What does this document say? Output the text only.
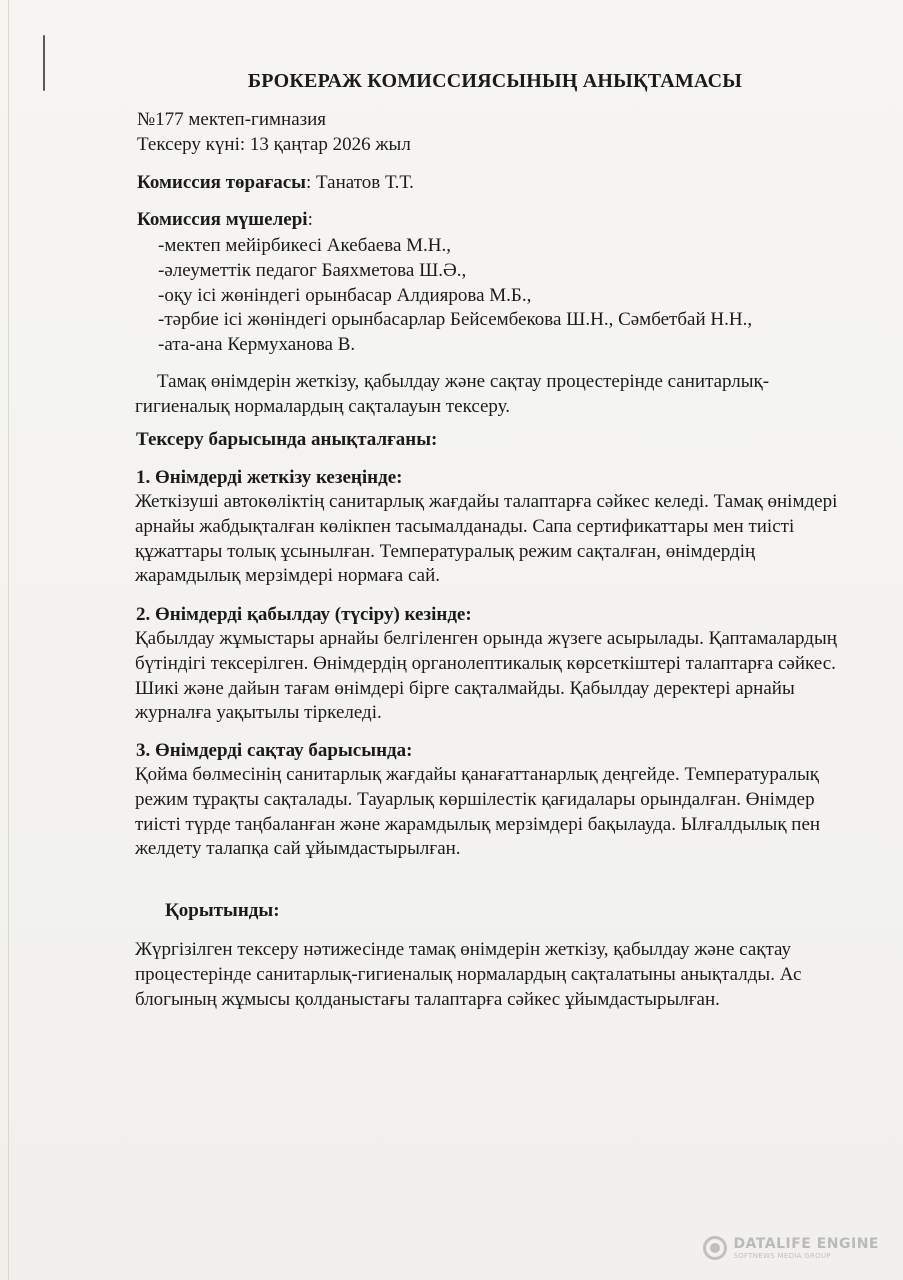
БРОКЕРАЖ КОМИССИЯСЫНЫҢ АНЫҚТАМАСЫ
№177 мектеп-гимназия
Тексеру күні: 13 қаңтар 2026 жыл
Комиссия төрағасы: Танатов Т.Т.
Комиссия мүшелері:
-мектеп мейірбикесі Акебаева М.Н.,
-әлеуметтік педагог Баяхметова Ш.Ә.,
-оқу ісі жөніндегі орынбасар Алдиярова М.Б.,
-тәрбие ісі жөніндегі орынбасарлар Бейсембекова Ш.Н., Сәмбетбай Н.Н.,
-ата-ана Кермуханова В.
Тамақ өнімдерін жеткізу, қабылдау және сақтау процестерінде санитарлық-гигиеналық нормалардың сақталауын тексеру.
Тексеру барысында анықталғаны:
1. Өнімдерді жеткізу кезеңінде:
Жеткізуші автокөліктің санитарлық жағдайы талаптарға сәйкес келеді. Тамақ өнімдері арнайы жабдықталған көлікпен тасымалданады. Сапа сертификаттары мен тиісті құжаттары толық ұсынылған. Температуралық режим сақталған, өнімдердің жарамдылық мерзімдері нормаға сай.
2. Өнімдерді қабылдау (түсіру) кезінде:
Қабылдау жұмыстары арнайы белгіленген орында жүзеге асырылады. Қаптамалардың бүтіндігі тексерілген. Өнімдердің органолептикалық көрсеткіштері талаптарға сәйкес. Шикі және дайын тағам өнімдері бірге сақталмайды. Қабылдау деректері арнайы журналға уақытылы тіркеледі.
3. Өнімдерді сақтау барысында:
Қойма бөлмесінің санитарлық жағдайы қанағаттанарлық деңгейде. Температуралық режим тұрақты сақталады. Тауарлық көршілестік қағидалары орындалған. Өнімдер тиісті түрде таңбаланған және жарамдылық мерзімдері бақылауда. Ылғалдылық пен желдету талапқа сай ұйымдастырылған.
Қорытынды:
Жүргізілген тексеру нәтижесінде тамақ өнімдерін жеткізу, қабылдау және сақтау процестерінде санитарлық-гигиеналық нормалардың сақталатыны анықталды. Ас блогының жұмысы қолданыстағы талаптарға сәйкес ұйымдастырылған.
DATALIFE ENGINE
SOFTNEWS MEDIA GROUP
